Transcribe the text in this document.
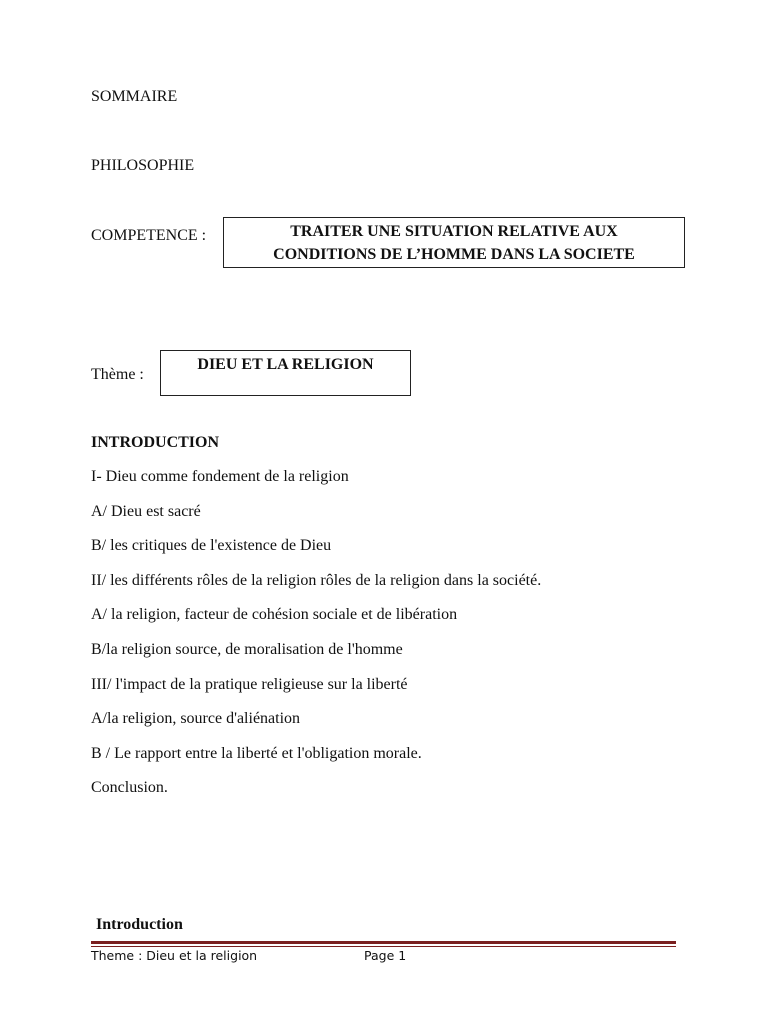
SOMMAIRE
PHILOSOPHIE
COMPETENCE :	TRAITER UNE SITUATION RELATIVE AUX
CONDITIONS DE L’HOMME DANS LA SOCIETE
Thème :
DIEU ET LA RELIGION
INTRODUCTION
I- Dieu comme fondement de la religion
A/ Dieu est sacré
B/ les critiques de l'existence de Dieu
II/ les différents rôles de la religion rôles de la religion dans la société.
A/ la religion, facteur de cohésion sociale et de libération
B/la religion source, de moralisation de l'homme
III/ l'impact de la pratique religieuse sur la liberté
A/la religion, source d'aliénation
B / Le rapport entre la liberté et l'obligation morale.
Conclusion.
Introduction
Theme : Dieu et la religion	Page 1
